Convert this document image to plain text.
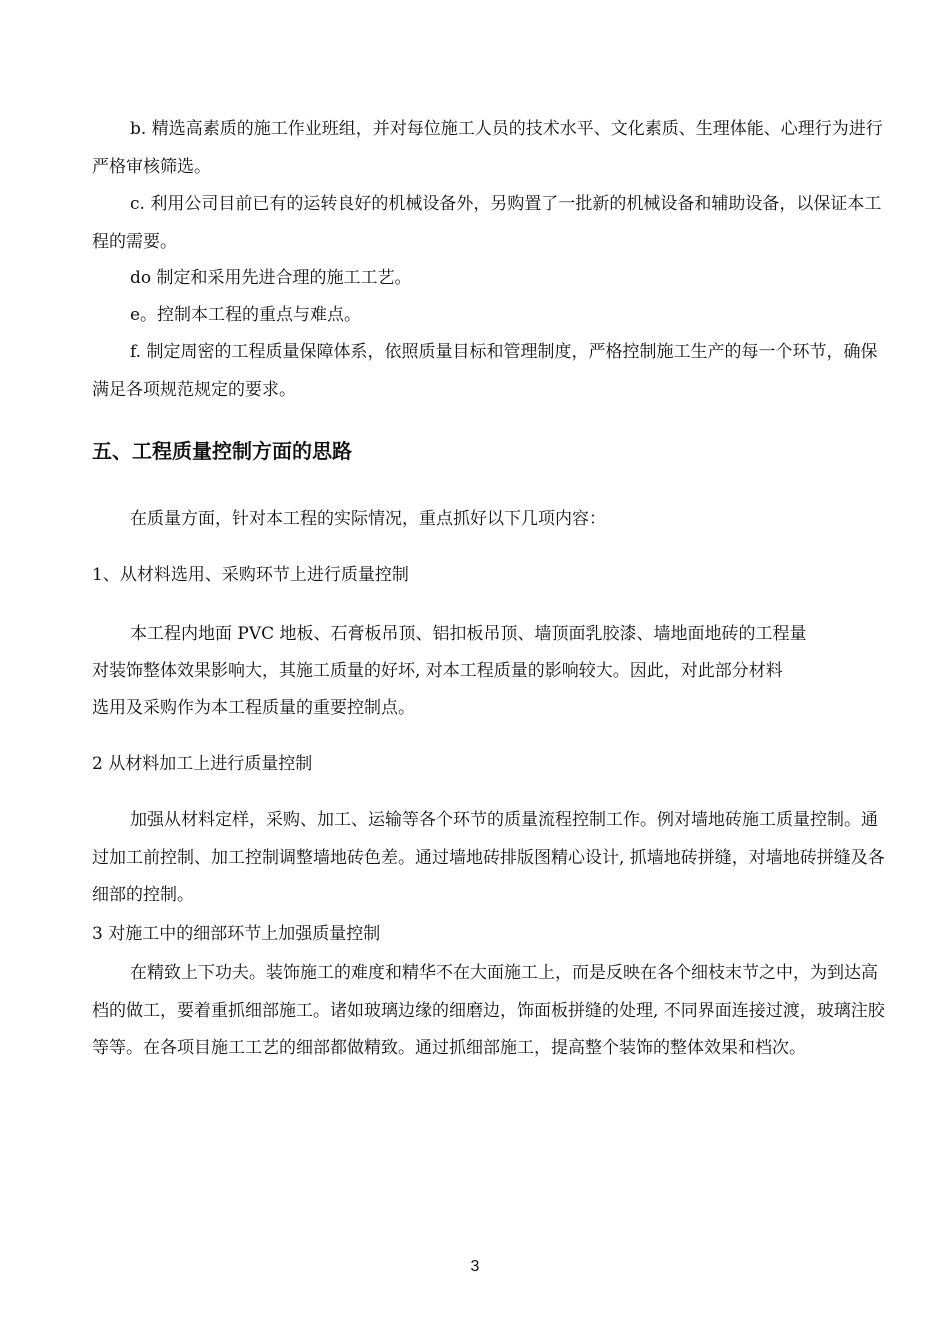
b. 精选高素质的施工作业班组，并对每位施工人员的技术水平、文化素质、生理体能、心理行为进行严格审核筛选。

c. 利用公司目前已有的运转良好的机械设备外，另购置了一批新的机械设备和辅助设备，以保证本工程的需要。

do 制定和采用先进合理的施工工艺。

e。控制本工程的重点与难点。

f. 制定周密的工程质量保障体系，依照质量目标和管理制度，严格控制施工生产的每一个环节，确保满足各项规范规定的要求。

五、工程质量控制方面的思路
在质量方面，针对本工程的实际情况，重点抓好以下几项内容：
1、从材料选用、采购环节上进行质量控制
本工程内地面 PVC 地板、石膏板吊顶、铝扣板吊顶、墙顶面乳胶漆、墙地面地砖的工程量
对装饰整体效果影响大，其施工质量的好坏, 对本工程质量的影响较大。因此，对此部分材料
选用及采购作为本工程质量的重要控制点。
2 从材料加工上进行质量控制

加强从材料定样，采购、加工、运输等各个环节的质量流程控制工作。例对墙地砖施工质量控制。通过加工前控制、加工控制调整墙地砖色差。通过墙地砖排版图精心设计, 抓墙地砖拼缝，对墙地砖拼缝及各细部的控制。

3 对施工中的细部环节上加强质量控制

在精致上下功夫。装饰施工的难度和精华不在大面施工上，而是反映在各个细枝末节之中，为到达高档的做工，要着重抓细部施工。诸如玻璃边缘的细磨边，饰面板拼缝的处理, 不同界面连接过渡，玻璃注胶等等。在各项目施工工艺的细部都做精致。通过抓细部施工，提高整个装饰的整体效果和档次。

3
